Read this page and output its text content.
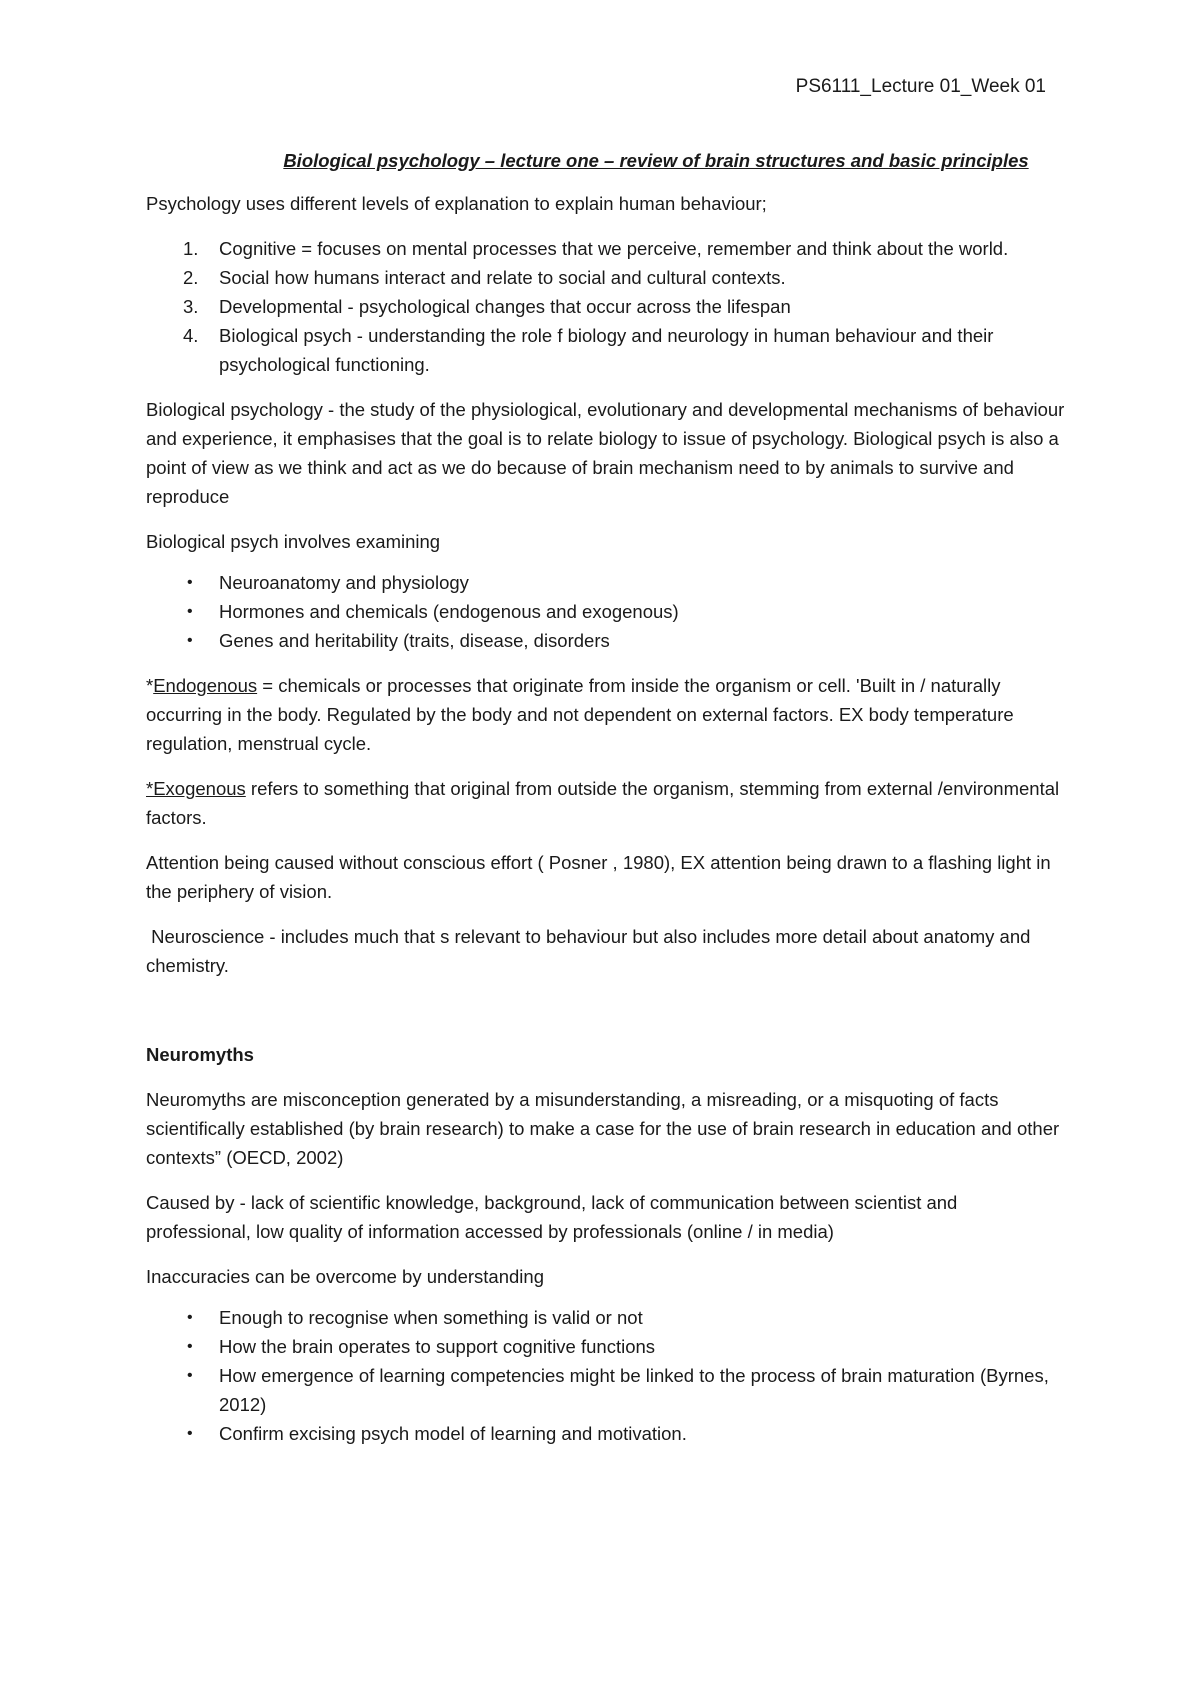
PS6111_Lecture 01_Week 01
Biological psychology – lecture one – review of brain structures and basic principles

Psychology uses different levels of explanation to explain human behaviour;

1. Cognitive = focuses on mental processes that we perceive, remember and think about the world.
2. Social how humans interact and relate to social and cultural contexts.
3. Developmental - psychological changes that occur across the lifespan
4. Biological psych - understanding the role f biology and neurology in human behaviour and their psychological functioning.

Biological psychology - the study of the physiological, evolutionary and developmental mechanisms of behaviour and experience, it emphasises that the goal is to relate biology to issue of psychology. Biological psych is also a point of view as we think and act as we do because of brain mechanism need to by animals to survive and reproduce

Biological psych involves examining

• Neuroanatomy and physiology
• Hormones and chemicals (endogenous and exogenous)
• Genes and heritability (traits, disease, disorders

*Endogenous = chemicals or processes that originate from inside the organism or cell. 'Built in / naturally occurring in the body. Regulated by the body and not dependent on external factors. EX body temperature regulation, menstrual cycle.

*Exogenous refers to something that original from outside the organism, stemming from external /environmental factors.

Attention being caused without conscious effort ( Posner , 1980), EX attention being drawn to a flashing light in the periphery of vision.

Neuroscience - includes much that s relevant to behaviour but also includes more detail about anatomy and chemistry.

Neuromyths

Neuromyths are misconception generated by a misunderstanding, a misreading, or a misquoting of facts scientifically established (by brain research) to make a case for the use of brain research in education and other contexts” (OECD, 2002)

Caused by - lack of scientific knowledge, background, lack of communication between scientist and professional, low quality of information accessed by professionals (online / in media)

Inaccuracies can be overcome by understanding

• Enough to recognise when something is valid or not
• How the brain operates to support cognitive functions
• How emergence of learning competencies might be linked to the process of brain maturation (Byrnes, 2012)
• Confirm excising psych model of learning and motivation.
